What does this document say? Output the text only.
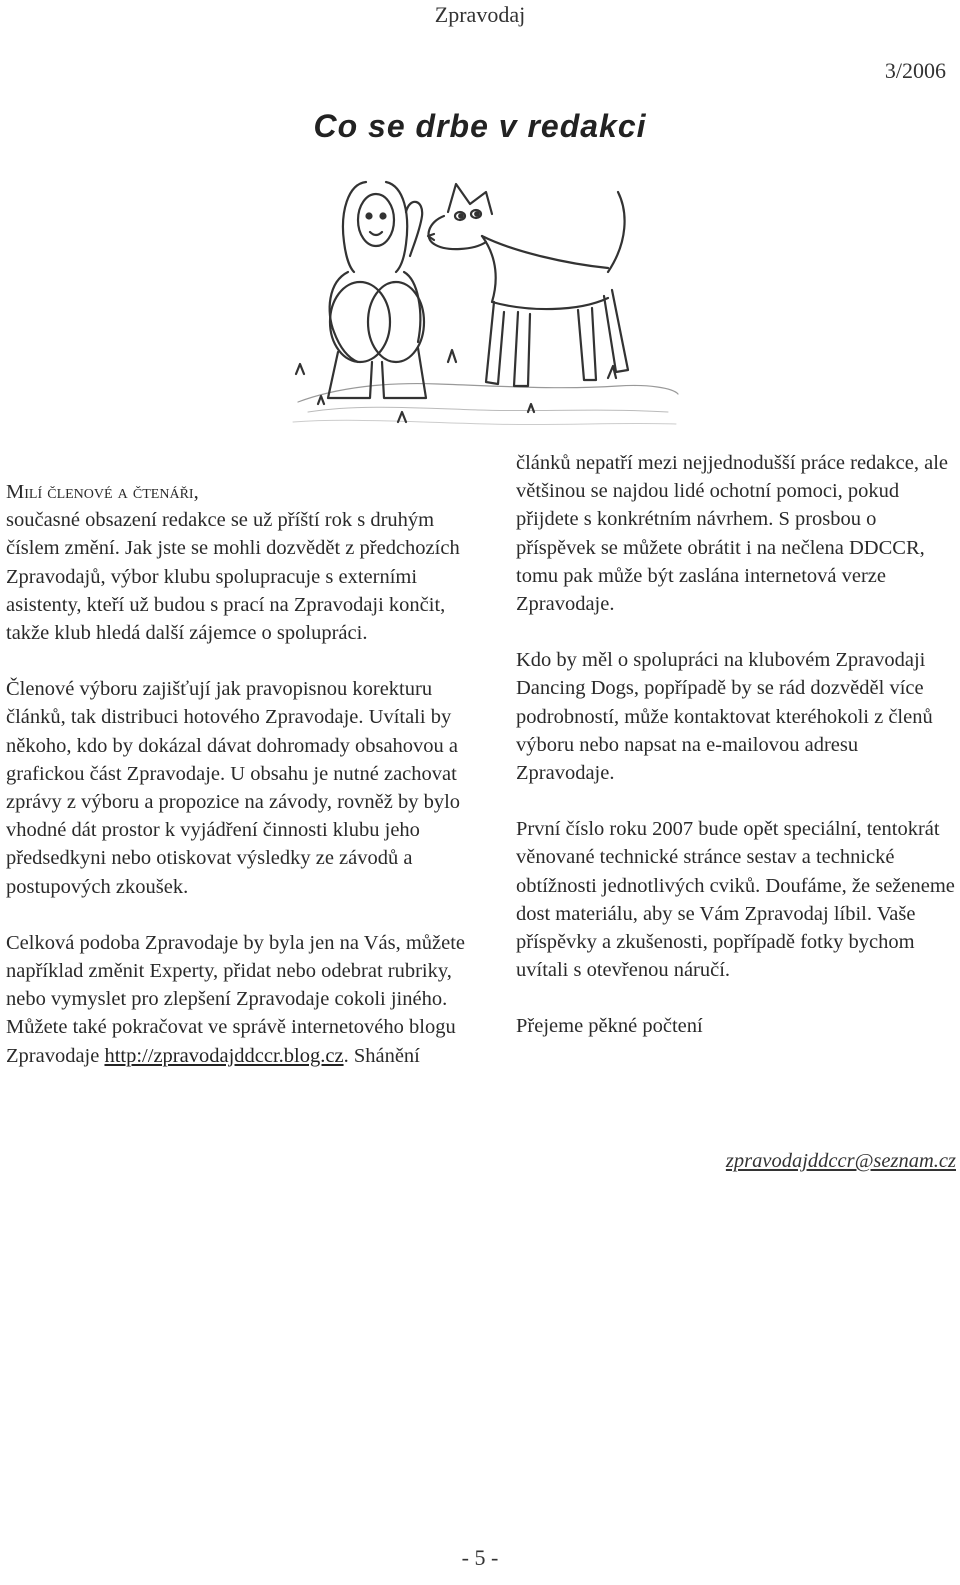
Zpravodaj
3/2006
Co se drbe v redakci

Milí členové a čtenáři,
současné obsazení redakce se už příští rok s druhým číslem změní. Jak jste se mohli dozvědět z předchozích Zpravodajů, výbor klubu spolupracuje s externími asistenty, kteří už budou s prací na Zpravodaji končit, takže klub hledá další zájemce o spolupráci.

Členové výboru zajišťují jak pravopisnou korekturu článků, tak distribuci hotového Zpravodaje. Uvítali by někoho, kdo by dokázal dávat dohromady obsahovou a grafickou část Zpravodaje. U obsahu je nutné zachovat zprávy z výboru a propozice na závody, rovněž by bylo vhodné dát prostor k vyjádření činnosti klubu jeho předsedkyni nebo otiskovat výsledky ze závodů a postupových zkoušek.

Celková podoba Zpravodaje by byla jen na Vás, můžete například změnit Experty, přidat nebo odebrat rubriky, nebo vymyslet pro zlepšení Zpravodaje cokoli jiného. Můžete také pokračovat ve správě internetového blogu Zpravodaje http://zpravodajddccr.blog.cz. Shánění

článků nepatří mezi nejjednodušší práce redakce, ale většinou se najdou lidé ochotní pomoci, pokud přijdete s konkrétním návrhem. S prosbou o příspěvek se můžete obrátit i na nečlena DDCCR, tomu pak může být zaslána internetová verze Zpravodaje.

Kdo by měl o spolupráci na klubovém Zpravodaji Dancing Dogs, popřípadě by se rád dozvěděl více podrobností, může kontaktovat kteréhokoli z členů výboru nebo napsat na e-mailovou adresu Zpravodaje.

První číslo roku 2007 bude opět speciální, tentokrát věnované technické stránce sestav a technické obtížnosti jednotlivých cviků. Doufáme, že seženeme dost materiálu, aby se Vám Zpravodaj líbil. Vaše příspěvky a zkušenosti, popřípadě fotky bychom uvítali s otevřenou náručí.

Přejeme pěkné počtení

zpravodajddccr@seznam.cz
- 5 -
